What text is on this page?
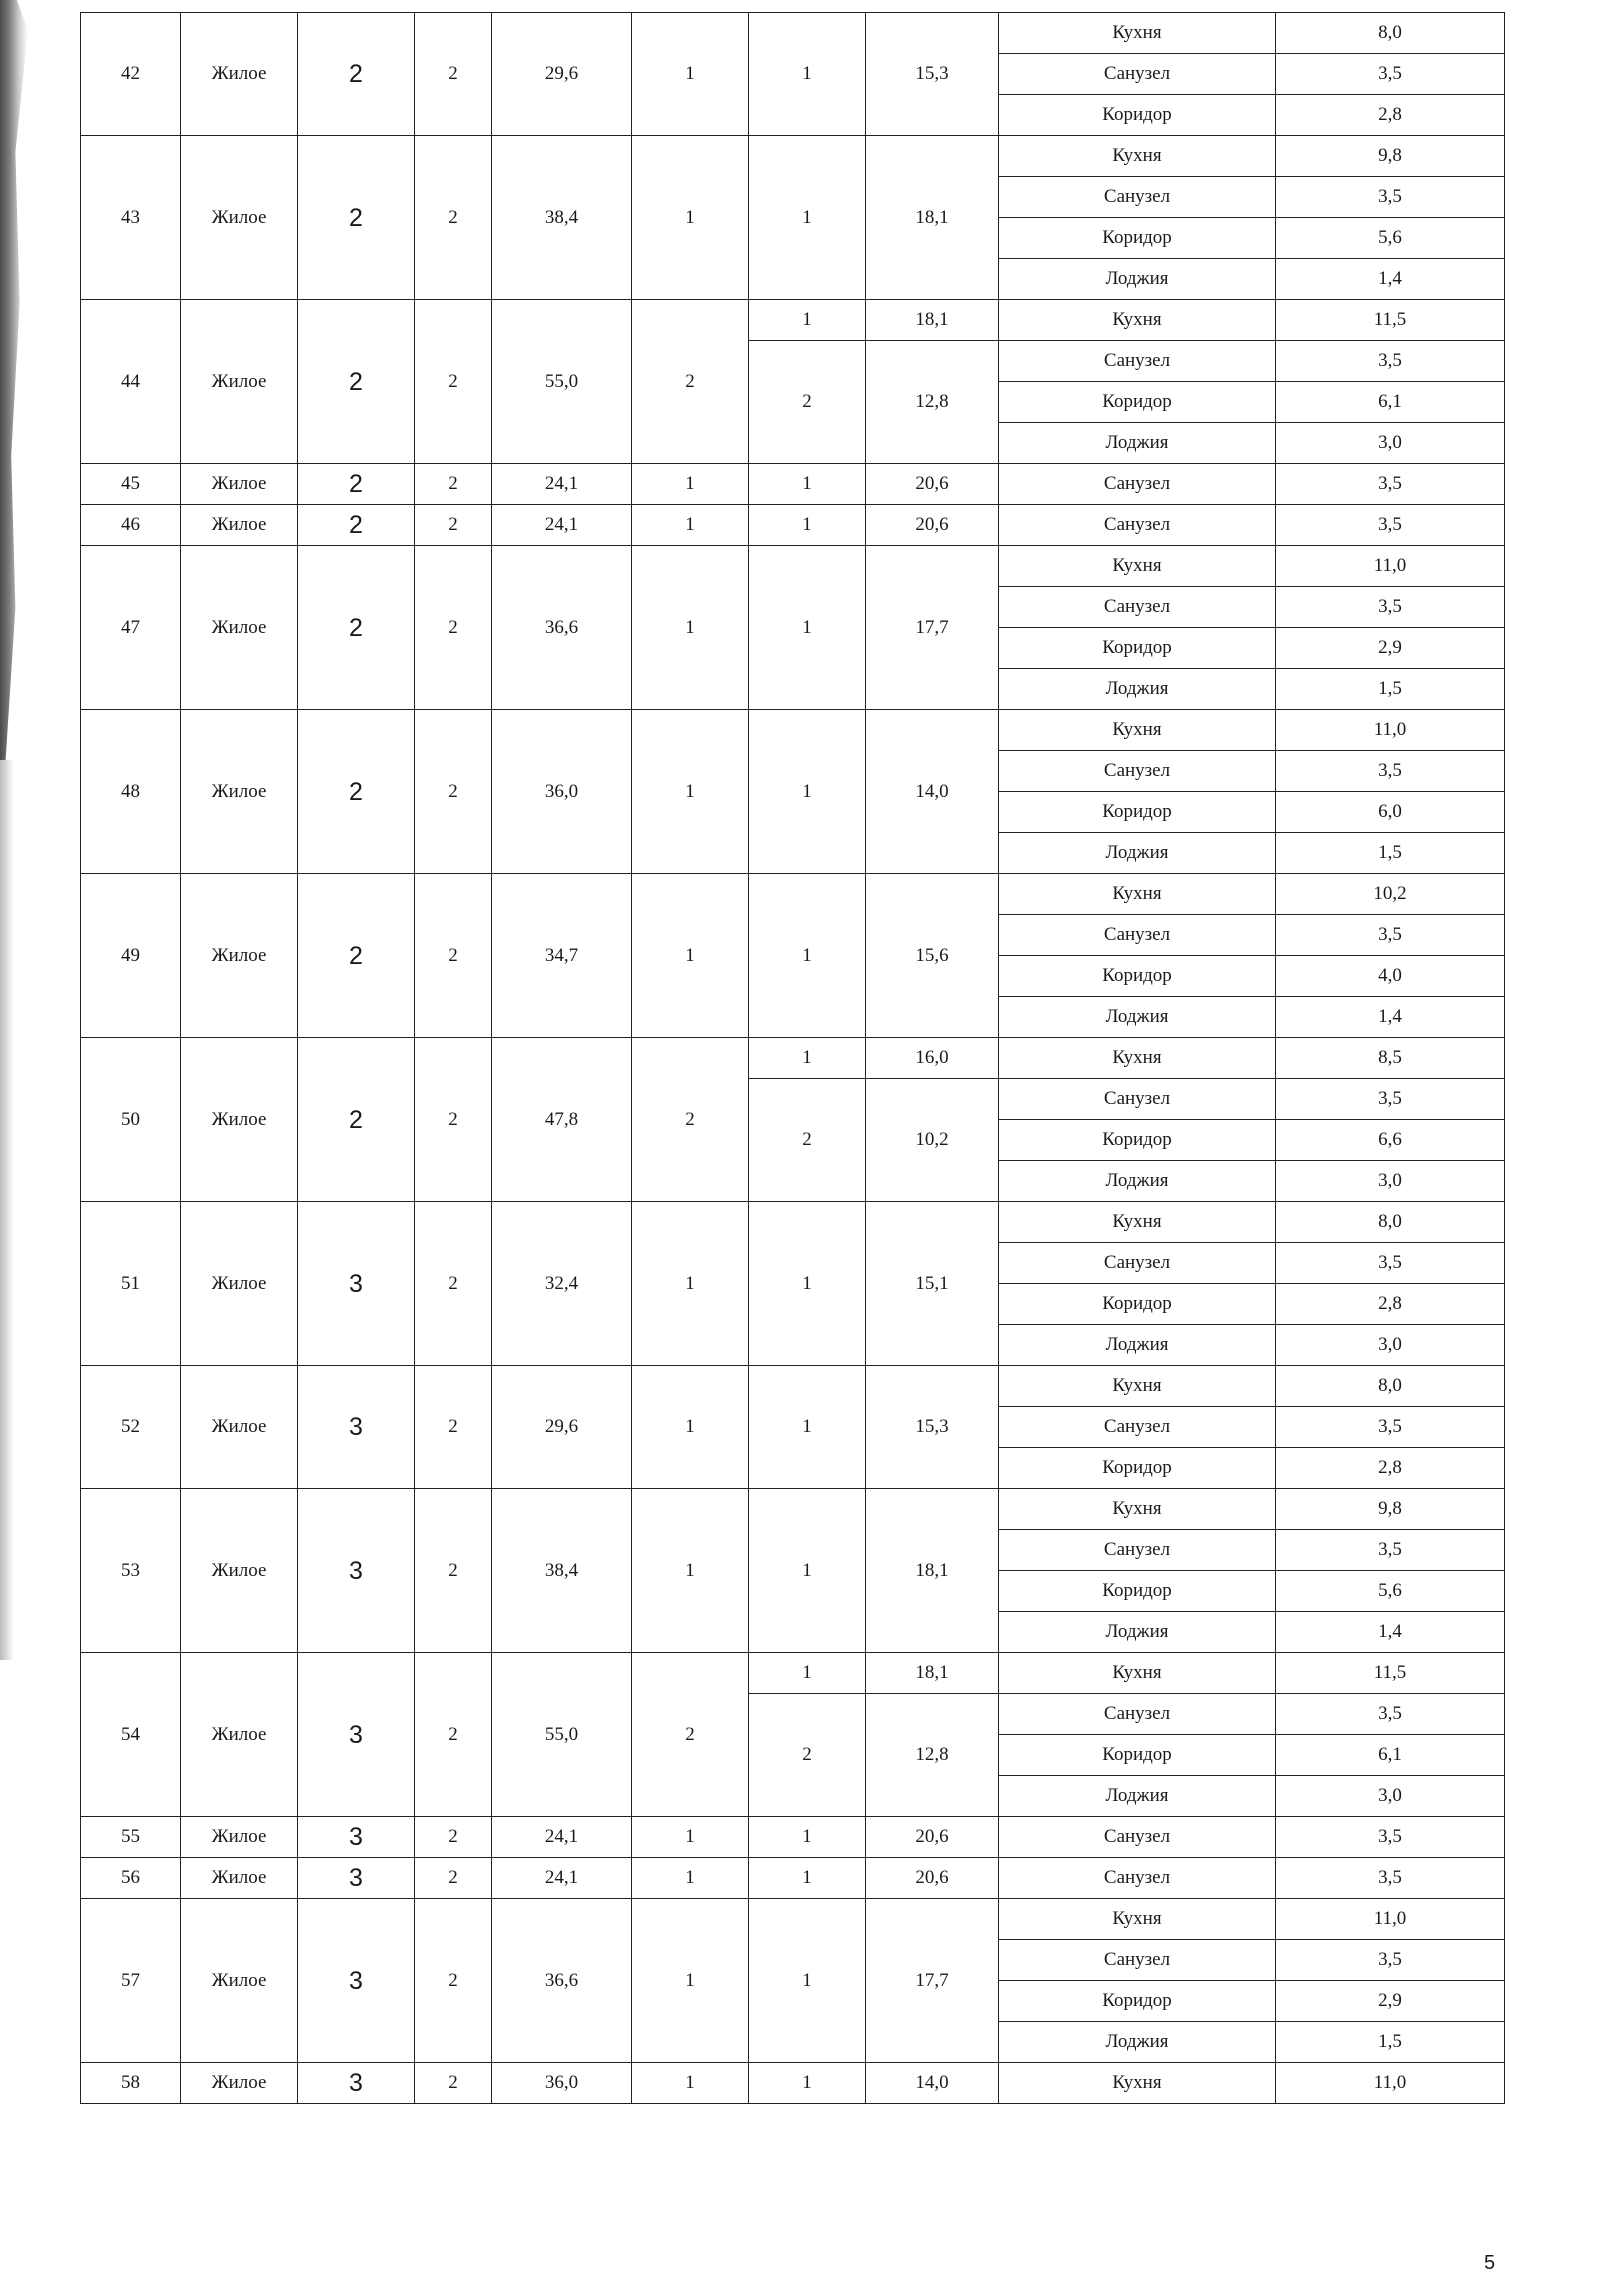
42	Жилое	2	2	29,6	1	1	15,3	Кухня	8,0
								Санузел	3,5
								Коридор	2,8
43	Жилое	2	2	38,4	1	1	18,1	Кухня	9,8
								Санузел	3,5
								Коридор	5,6
								Лоджия	1,4
44	Жилое	2	2	55,0	2	1	18,1	Кухня	11,5
						2	12,8	Санузел	3,5
								Коридор	6,1
								Лоджия	3,0
45	Жилое	2	2	24,1	1	1	20,6	Санузел	3,5
46	Жилое	2	2	24,1	1	1	20,6	Санузел	3,5
47	Жилое	2	2	36,6	1	1	17,7	Кухня	11,0
								Санузел	3,5
								Коридор	2,9
								Лоджия	1,5
48	Жилое	2	2	36,0	1	1	14,0	Кухня	11,0
								Санузел	3,5
								Коридор	6,0
								Лоджия	1,5
49	Жилое	2	2	34,7	1	1	15,6	Кухня	10,2
								Санузел	3,5
								Коридор	4,0
								Лоджия	1,4
50	Жилое	2	2	47,8	2	1	16,0	Кухня	8,5
						2	10,2	Санузел	3,5
								Коридор	6,6
								Лоджия	3,0
51	Жилое	3	2	32,4	1	1	15,1	Кухня	8,0
								Санузел	3,5
								Коридор	2,8
								Лоджия	3,0
52	Жилое	3	2	29,6	1	1	15,3	Кухня	8,0
								Санузел	3,5
								Коридор	2,8
53	Жилое	3	2	38,4	1	1	18,1	Кухня	9,8
								Санузел	3,5
								Коридор	5,6
								Лоджия	1,4
54	Жилое	3	2	55,0	2	1	18,1	Кухня	11,5
						2	12,8	Санузел	3,5
								Коридор	6,1
								Лоджия	3,0
55	Жилое	3	2	24,1	1	1	20,6	Санузел	3,5
56	Жилое	3	2	24,1	1	1	20,6	Санузел	3,5
57	Жилое	3	2	36,6	1	1	17,7	Кухня	11,0
								Санузел	3,5
								Коридор	2,9
								Лоджия	1,5
58	Жилое	3	2	36,0	1	1	14,0	Кухня	11,0
5
